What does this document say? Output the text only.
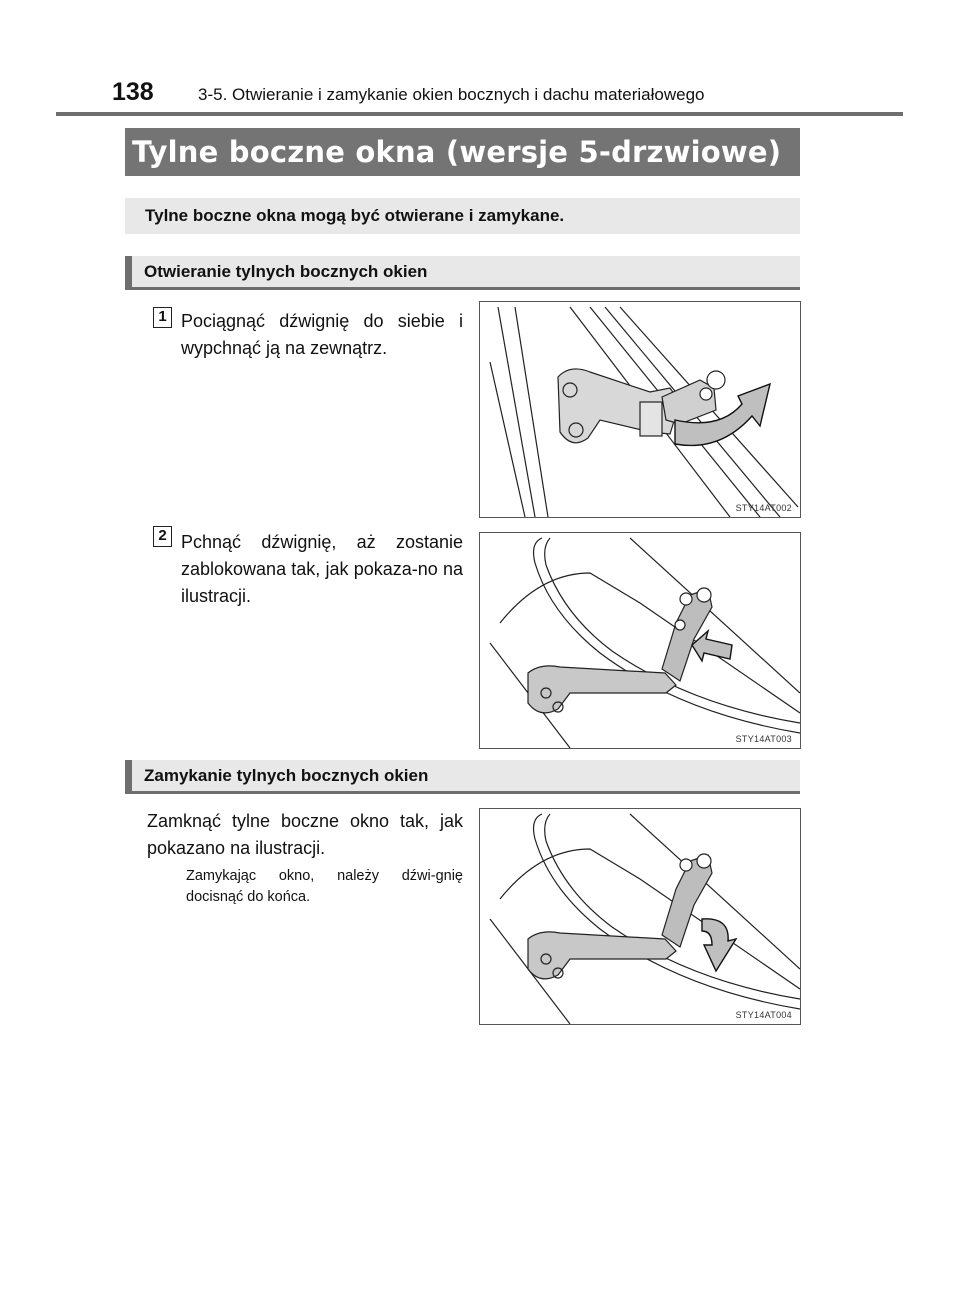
138	3-5. Otwieranie i zamykanie okien bocznych i dachu materiałowego
Tylne boczne okna (wersje 5-drzwiowe)
Tylne boczne okna mogą być otwierane i zamykane.
Otwieranie tylnych bocznych okien
1 Pociągnąć dźwignię do siebie i wypchnąć ją na zewnątrz.
STY14AT002
2 Pchnąć dźwignię, aż zostanie zablokowana tak, jak pokaza-no na ilustracji.
STY14AT003
Zamykanie tylnych bocznych okien
Zamknąć tylne boczne okno tak, jak pokazano na ilustracji.
Zamykając okno, należy dźwi-gnię docisnąć do końca.
STY14AT004
